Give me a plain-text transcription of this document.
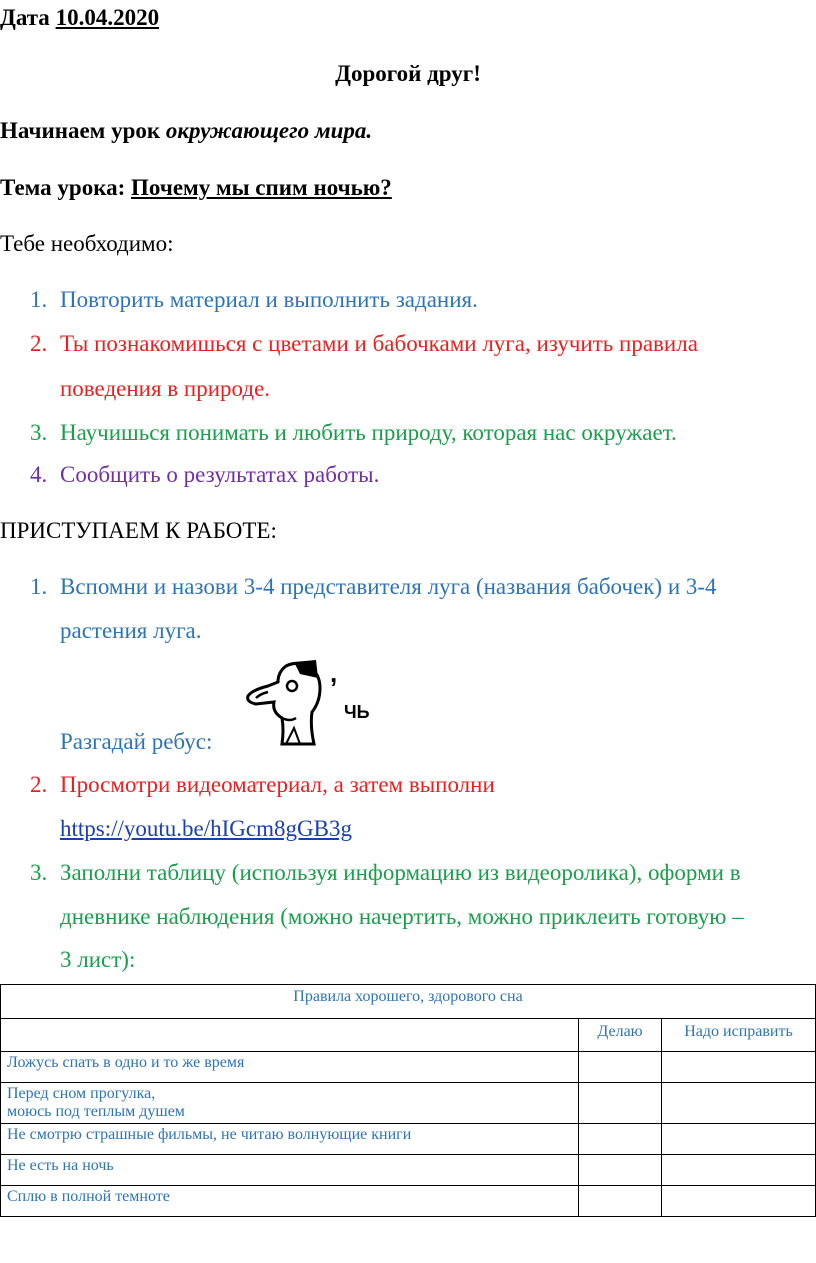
Дата 10.04.2020
Дорогой друг!
Начинаем урок окружающего мира.
Тема урока: Почему мы спим ночью?
Тебе необходимо:
1. Повторить материал и выполнить задания.
2. Ты познакомишься с цветами и бабочками луга, изучить правила
поведения в природе.
3. Научишься понимать и любить природу, которая нас окружает.
4. Сообщить о результатах работы.
ПРИСТУПАЕМ К РАБОТЕ:
1. Вспомни и назови 3-4 представителя луга (названия бабочек) и 3-4
растения луга.
Разгадай ребус:
,
ЧЬ
2. Просмотри видеоматериал, а затем выполни
https://youtu.be/hIGcm8gGB3g
3. Заполни таблицу (используя информацию из видеоролика), оформи в
дневнике наблюдения (можно начертить, можно приклеить готовую –
3 лист):
Правила хорошего, здорового сна		
	Делаю	Надо исправить
Ложусь спать в одно и то же время		
Перед сном прогулка,
моюсь под теплым душем		
Не смотрю страшные фильмы, не читаю волнующие книги		
Не есть на ночь		
Сплю в полной темноте		
